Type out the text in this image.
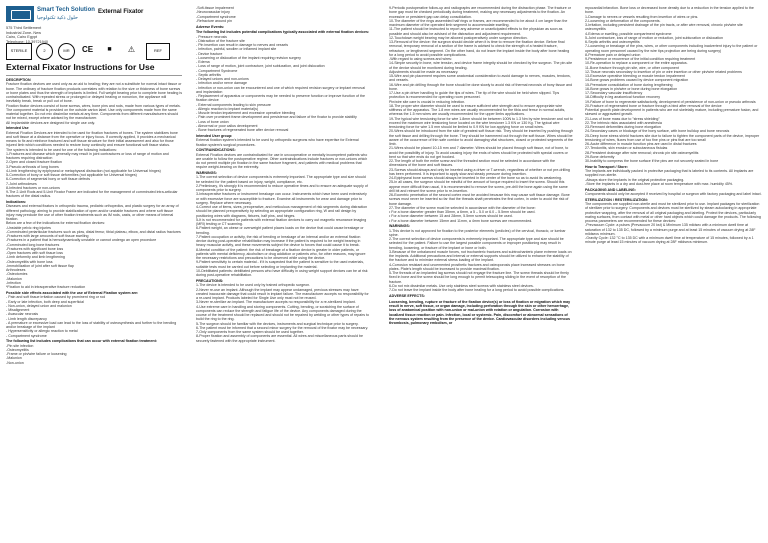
Smart Tech Solution
حلول ذكية تكنولوجيا
External Fixator
575 Third Settlement
Industrial Zone- New
Cairo, Cairo Egypt
Telephone: 10-39721940
STERILE	2	MR	CE	■	⚠	REF
External Fixator Instructions for Use

DESCRIPTION

Fracture fixation devices are used only as an aid to healing; they are not a substitute for normal intact tissue or bone. The ordinary of fracture fixation products correlates with relation to the size or thickness of bone screws or bone plates and thus the strength of implants is limited. Full weight bearing prior to complete bone healing is contraindicated. With repeated stress or prolonged or delayed healing or nonunion, the appliance will inevitably break, break or pull out of bone.

Fixation fixator devices consist of bone screws, wires, bone pins and rods, made from various types of metals. The component material is provided on the outside carton label. Use only components made from the same material together. Do not mix dissimilar metals at any time. Components from different manufacturers should not be mixed, except where advised by the manufacturer.

All implantable devices are designed for single use only.

Intended Use

External Fixation Devices are intended to be used for fixation fractures of bones. The system stabilizes bone and soft tissue at a distance from the operative or injury focus. If correctly applied, it provides a mechanical means to fix and reinforce fractured and soft tissue structure for their initial assessment and also for those injured limb which conditions needed to restore bony continuity and ensure functional soft tissue status.

The system is intended to be used for one of the following indications:

1-Fractures and disease which generally may result in joint contractures or loss of range of motion and fractures requiring distraction

2-Open and closed fracture fixation

3-Pseudo arthrosis of long bones

4-Limb lengthening by epiphyseal or metaphyseal distraction (not applicable for Universal hinges)

5-Correction of bony or soft tissue deformities (not applicable for Universal hinges)

6-Correction of segmental bony or soft tissue defects

7-Joint arthrodeses

8-Infected fractures or non-unions

9-The 2-Unit Rods and 5-Unit Fixator Frame are indicated for the management of comminuted intra-articular fractures of the distal radius.

Indications:

Diseases and external fixators in orthopedic trauma, pediatric orthopedics, and plastic surgery for an array of different pathology, aiming to provide stabilization of open and/or unstable fractures and where soft tissue injury may preclude the use of other fixation treatments such as IM rods, casts, or other means of internal fixation.

Below are a few of the indications for external fixation devices:

-Unstable pelvic ring injuries

-Comminuted periarticular fractures such as plow, distal femur, tibial plateau, elbow, and distal radius fractures

-Fractures with large amounts of soft tissue swelling

-Fractures in a patient that is hemodynamically unstable or cannot undergo an open procedure

-Comminuted long bone fractures

-Fractures with significant bone loss

-Open fractures with soft tissue loss

-Limb deformity and limb lengthening

-Osteomyelitis with bone loss

-Immobilization of joint after soft tissue flap

Arthrodeses

-Osteotomies

-Malunion

-Infection

*Fixation to aid in intraoperative fracture reduction

Possible side effects associated with the use of External Fixation system are:

- Pain and soft tissue irritation caused by prominent ring or rod

- Early or late infection, both deep and superficial

- Non-union, delayed union and malunion

- Misalignment

- Avascular necrosis

- Limb length discrepancy

- A premature or excessive load can lead to the loss of stability of osteosynthesis and further to the bending and/or breakage of the implant

- Hypersensitivity or allergic reaction to metal

- Compartment syndrome

The following list includes complications that can occur with external fixation treatment:

-Pin site infection

-Osteomyelitis

-Frame or pin/wire failure or loosening

-Malunion

-Non-union

-Soft-tissue impalement

-Neurovascular injury

-Compartment syndrome

-Refracture around pin

Adverse Events:

The following list includes potential complications typically associated with external fixation devices:

- Pressure necrosis

- Distraction of the fracture site

- Pin insertion can result in damage to nerves and vessels

- Infection, painful, swollen or inflamed implant site

- Device fracture

- Loosening or dislocation of the implant requiring revision surgery

- Edema

- Loss of range of motion, joint contracture, joint subluxation, and joint dislocation

- Compartment Syndrome

- Septic arthritis

- Delayed unions and non-unions

- Infection and/or nerve damage

- Infection or non-union can be encountered and one of which required revision surgery or implant removal and implantation

- Replacement of apparatus or components may be needed to preserve function or improve function of the fixation device

- External components leading to skin pressure

- Allergic reaction to implant material(s)

- Muscle tendon impalement and excessive operative bleeding

- Pain over prominent frame development and persistence and failure of the fixator to provide stability

- Loss of bone union

- Abnormal or poor callus development

- Bone fractures of regenerated bone after device removal

Intended User group:

External fixation system's intended to be used by orthopedic surgeons who have expertise for External fixation system's surgical procedures.

CONTRAINDICATIONS:

External Fixation devices are contraindicated for use in uncooperative or mentally incompetent patients who are unable to follow the postoperative regime. Other contraindications include fractures or non-unions which do not permit multiple pin fixation in the same fracture fragment, and patients with medical problems that require weight-bearing on the extremity.

WARNINGS:

1-The correct selection of device components is extremely important. The appropriate type and size should be selected for the patient based on injury, weight, compliance, etc.

2-Preliminary, it's strongly it is recommended to reduce operative times and to ensure an adequate supply of components prior to surgery.

3-Intraoperative fractures or instrument breakage can occur. Instruments which have been used extensively or with excessive force are susceptible to fracture. Examine all instruments for wear and damage prior to surgery. Replace where necessary.

4-Correct use of items, sizes, preoperative, and meticulous management of risk segments during distraction should be planned preoperatively by selecting an appropriate configuration ring, W and rail design by positioning wires with diagrams, fixtures, half pins, and hinges.

5-It is not recommended for patients with external fixation devices to carry out magnetic resonance imaging (MRI) testing or CT scanning.

6-Patient weight, an obese or overweight patient places loads on the device that could cause breakage or bending.

7-Patient occupation or activity, the risk of bending or breakage of an internal and/or an external fixation device during post-operative rehabilitation may increase if the patient is required to be weight bearing in heavy muscular activity, and these movements subject the device to forces that could cause it to break.

8-Mental condition of the patient: the risk of breakage of a fixation device is greater in older patients, or patients with mental deficiency, alcoholism or drug addiction or patients who, for other reasons, may ignore the necessary restrictions and precautions to be observed while using the device.

9-Patient sensitivity to certain material - if it is suspected that the patient is sensitive to the used materials, suitable tests must be carried out before selecting or implanting the material.

10-Debilitated patients: debilitated persons who have difficulty in using weight support devices can be at risk during post-operative rehabilitation.

PRECAUTIONS:

1-The device is intended to be used only by trained orthopedic surgeon.

2-Never re-use an implant. Although the implant may appear undamaged, previous stresses may have created inaccurate damage that could result in implant failure. The manufacturer accepts no responsibility for a re-used implant. Products labeled for Single Use only must not be reused.

3-Never re-sterilize an implant. The manufacturer accepts no responsibility for a re-sterilized implant.

4-Use extreme care in handling and storing components. Cutting, bending, or scratching the surface of components can reduce the strength and fatigue life of the device. Any components damaged during the course of the treatment should be replaced and should not be repaired by welding or other types of repairs to build the ring to the ring.

5-The surgeon should be familiar with the devices, instruments and surgical technique prior to surgery.

6-The patient must be informed that a second minor surgery for the removal of the fixator may be necessary.

7-Only components from the same system should be used together.

8-Proper fixation and assembly of components are essential. All wires and miscellaneous parts should be securely fastened with the appropriate instrument.

9-Periodic postoperative follow-up and radiographs are recommended during the distraction phase. The fracture or bone gap must be checked periodically during treatment, making any necessary adjustments to the fixation. An excessive or persistent gap can delay consolidation.

10-The diameter of the rings assembled half rings or frames, are recommended to be about 4 cm larger than the maximum diameter of the operated limb segment to accommodate swelling.

11-The patient should be instructed to report any adverse or unanticipated effects to the physician as soon as possible and should also be advised of the distraction and adjustment requirement.

12-Touchdown weight bearing may be allowed postoperatively under surgeon direction.

13-Removal of the device: the surgeon should decide when it is time to remove the fixation device. Before final removal, temporary removal of a section of the frame is advised to check the strength of a healed fracture, refracture, or lengthened segment. On the other hand, do not leave the implant inside the body after bone healing for a long period to avoid possible complications.

-With regard to using screws and wires:

14-Simple security in bone, wire tension, and device frame integrity should be checked by the surgeon. The pin-site of the device should be monitored during healing.

Adjustments should be made as necessary.

15-Wire and pin placement requires some anatomical consideration to avoid damage to nerves, muscles, tendons, and vessels.

16-Wire and pin drilling through the bone should be done slowly to avoid risk of thermal necrosis of bony tissue and bone.

17-Use a pin driver handling to guide the tips of wires. The tip of the wire should be held when slipped. Tips protection is recommended for operating room personnel.

Pin/wire site care is crucial in reducing infection.

18-The proper wire diameter should be used to ensure sufficient wire strength and to ensure appropriate wire stiffness of the apparatus. The 1.8 mm wires are usually recommended for the tibia and femur in normal adults, whereas the 1.5 mm wires are usually recommended for the upper limbs applications.

19-The typical wire tensioning force for wire 1.8mm should be between 100N to 1.3 Nm by wire tensioner and not to exceed the maximum wire tensioning force located on the wire tensioner 1.3 KN or 130 Kg. The typical wire tensioning force for wire 1.5 mm should be limited to 0.9 KN for low applying force on small wires.

20-Wires should be introduced from the side of greatest soft tissue risk. They should be inserted by pushing through the soft tissue and drilling through the bone. They should be hammered out through the soft tissue. Wires should be aware of the occurrence of thin safe corridor to avoid damaging vital structures, closed or protected segments of the limb.

21-Wires should be placed 10-15 mm and 7 diameter. Wires should be placed through soft tissue, not of bone, to avoid the possibility of injury. To avoid causing injury the ends of wires should be protected with special covers or bent so that wire ends do not get hooked.

22-The length of both the entire screw and the threaded section must be selected in accordance with the dimensions of the bone and soft tissues.

23-Screws should always and only be inserted using a driver or T-wrench, regardless of whether or not pre-drilling has been performed. It is important to apply slow and steady pressure during insertion.

24-Epiphyseal bone screws should always be inserted in the center of the bone so as to avoid its weakening.

25-In all cases, the surgeon should be mindful of the amount of torque required to insert the screw. Should this appear more difficult than usual, it is recommended to remove the screw, pre-drill the bone again using the same drill bit and reinsert the screw prior to re-insertion.

26-Eccentric penetration of the second cortex must be avoided because this may cause soft tissue damage. Bone screws must never be inserted so far that the threads shaft penetrates the first cortex, in order to avoid the risk of bone damage.

27-The diameter of the screw must be selected in accordance with the diameter of the bone:

• For a bone diameter greater than 35mm, a 6mm, a 5 – 5.0 or 6.0 – 5.5mm should be used.

• For a bone diameter between 15 and 28mm, 5.5mm screws should be used.

• For a bone diameter between 15mm and 11mm, a 4mm bone screws are recommended.

WARNINGS:

1-This device is not approved for fixation to the posterior elements (pedicles) of the cervical, thoracic, or lumbar spine.

2-The correct selection of device components is extremely important. The appropriate type and size should be selected for the patient. Failure to use the largest possible components or improper positioning may result in bending, loosening, or fracture of the implant or bone or both.

3-Because of the unbalanced muscle forces, not trochanteric fractures and subtrochanteric plane extreme loads on the implants. Additional precautions and internal or external supports should be utilized to enhance the stability of the fracture and to minimize external stress loading of the implant.

4-Corrosion resistant and uncemented prosthetic fractures and osteoporosis place increased stresses on bone plates. Plate's length should be increased to provide maximal fixation.

5-The threads of an implanted lag screws should not engage the fracture line. The screw threads should be firmly fixed in bone and the screw should be long enough to permit telescoping sliding in the event of resorption of the fracture.

6-Do not mix dissimilar metals. Use only stainless steel screws with stainless steel devices.

7-Do not leave the implant inside the body after bone healing for a long period to avoid possible complications.

ADVERSE EFFECTS:

Loosening, bending, rupture or fracture of the fixation device(s) or loss of fixation or migration which may result in nerve, soft tissue, or organ damage, including perforation through the skin or other hemorrhage, loss of anatomical position with non-union or mal-union with rotation or angulation. Corrosion with localized tissue reaction or pain. Infection, local or systemic. Pain, discomfort or abnormal sensations of the nervous system resulting from the presence of the device. Cardiovascular disorders including venous thrombosis, pulmonary embolism, or

myocardial infarction. Bone loss or decreased bone density due to a reduction in the tension applied to the bone.

1-Damage to nerves or vessels resulting from insertion of wires or pins.

2-Loosening or deformation of the components.

3-Irritation, including persistent drainage of the pin tracts, or after wire removal, chronic pin/wire site osteomyelitis

4-Edema or swelling, possible compartment syndrome

5-Joint contracture, loss of range of motion or reduction, joint subluxation or dislocation

6-Septic arthritis and osteomyelitis

7-Loosening or breakage of the pins, wires, or other components including inadvertent injury to the patient or operating room personnel caused by the wire tips projection are being during surgery)

8-Premature pain or delayed union

9-Persistence or recurrence of the initial condition requiring treatment

10-Re-operation to replace a component or the entire apparatus.

11-Bone fracture through pin site, wire, or other component

12-Tissue necrosis secondary to insertion of pin or wire insertion or other pin/wire related problems

13-Excessive operative bleeding or muscle tendon impalement

14-Bone grows problems caused by device component migration

15-Premature consolidation of bone during lengthening

16-Bone grows in pin/wire or bone during bone elongation

17-Secondary vascular insufficiency

18-Difficulty in leg anatomical function recovery

19-Failure of bone to regenerate satisfactorily, development of persistence of non-union or pseudo arthrosis

20-Fracture of regenerated bone or fracture through a bind after removal of the device

Potential growth plate development in patients who are not skeletally mature, including premature fusion, and skewed or aggravated growth.

21-Loss of bone mass due to "stress shielding"

22-The intrinsic risks associated with anesthesia

23-Remnant deformities during bone elongation

24-Secondary cases or blockage of the bony surface, with bone buildup and bone necrosis

25-Deep bone stress shield fractures site due to failure to tighten the component parts of the device, improper tensioning of wires, fluxes from use of too fine pins or pins that are too small

26-Acute difference in muscle function pins are used in distal fractures

27-Tendonitis, skin erosion or subcutaneous fistulas

28-Persistent drainage after wire removal; chronic pin site osteomyelitis

29-Bone deformity

30-Inability to compress the bone surface if the pins are not securely seated in bone

How to Transport / Store:

The implants are individually packed in protective packaging that is labeled to its contents. All implants are supplied non-sterile.

-Always store the implants in the original protective packaging.

-Store the implants in a dry and dust-free place at room temperature with max. humidity 45%.

PACKAGING AND LABELING:

Components should only be accepted if received by hospital or surgeon with factory packaging and label intact.

STERILIZATION / RESTERILIZATION:

The components are supplied non-sterile and must be sterilized prior to use. Implant packages for sterilization of sterilizer prior to surgery. Components and devices must be sterilized by steam autoclaving in appropriate protective wrapping, after the removal of all original packaging and labeling. Protect the devices, particularly mating surfaces, from contact with metal or other hard objects which could damage the products. The following process parameters are recommended for these devices:

-Prevacuum Cycle: a pulses (Prevacuum 20 kst) & Minimum 135 mildsec with a minimum dwell time at saturation of 132 to 135 DC, followed by a minimum purge and at least 15 minutes of vacuum drying at 28F mildsecs minimum.

-Gravity Cycle: 132 °C to 135 DC with a minimum dwell time at temperature of 15 minutes, followed by a 1 minute purge at least 15 minutes of vacuum drying at 28F mildsecs minimum.
